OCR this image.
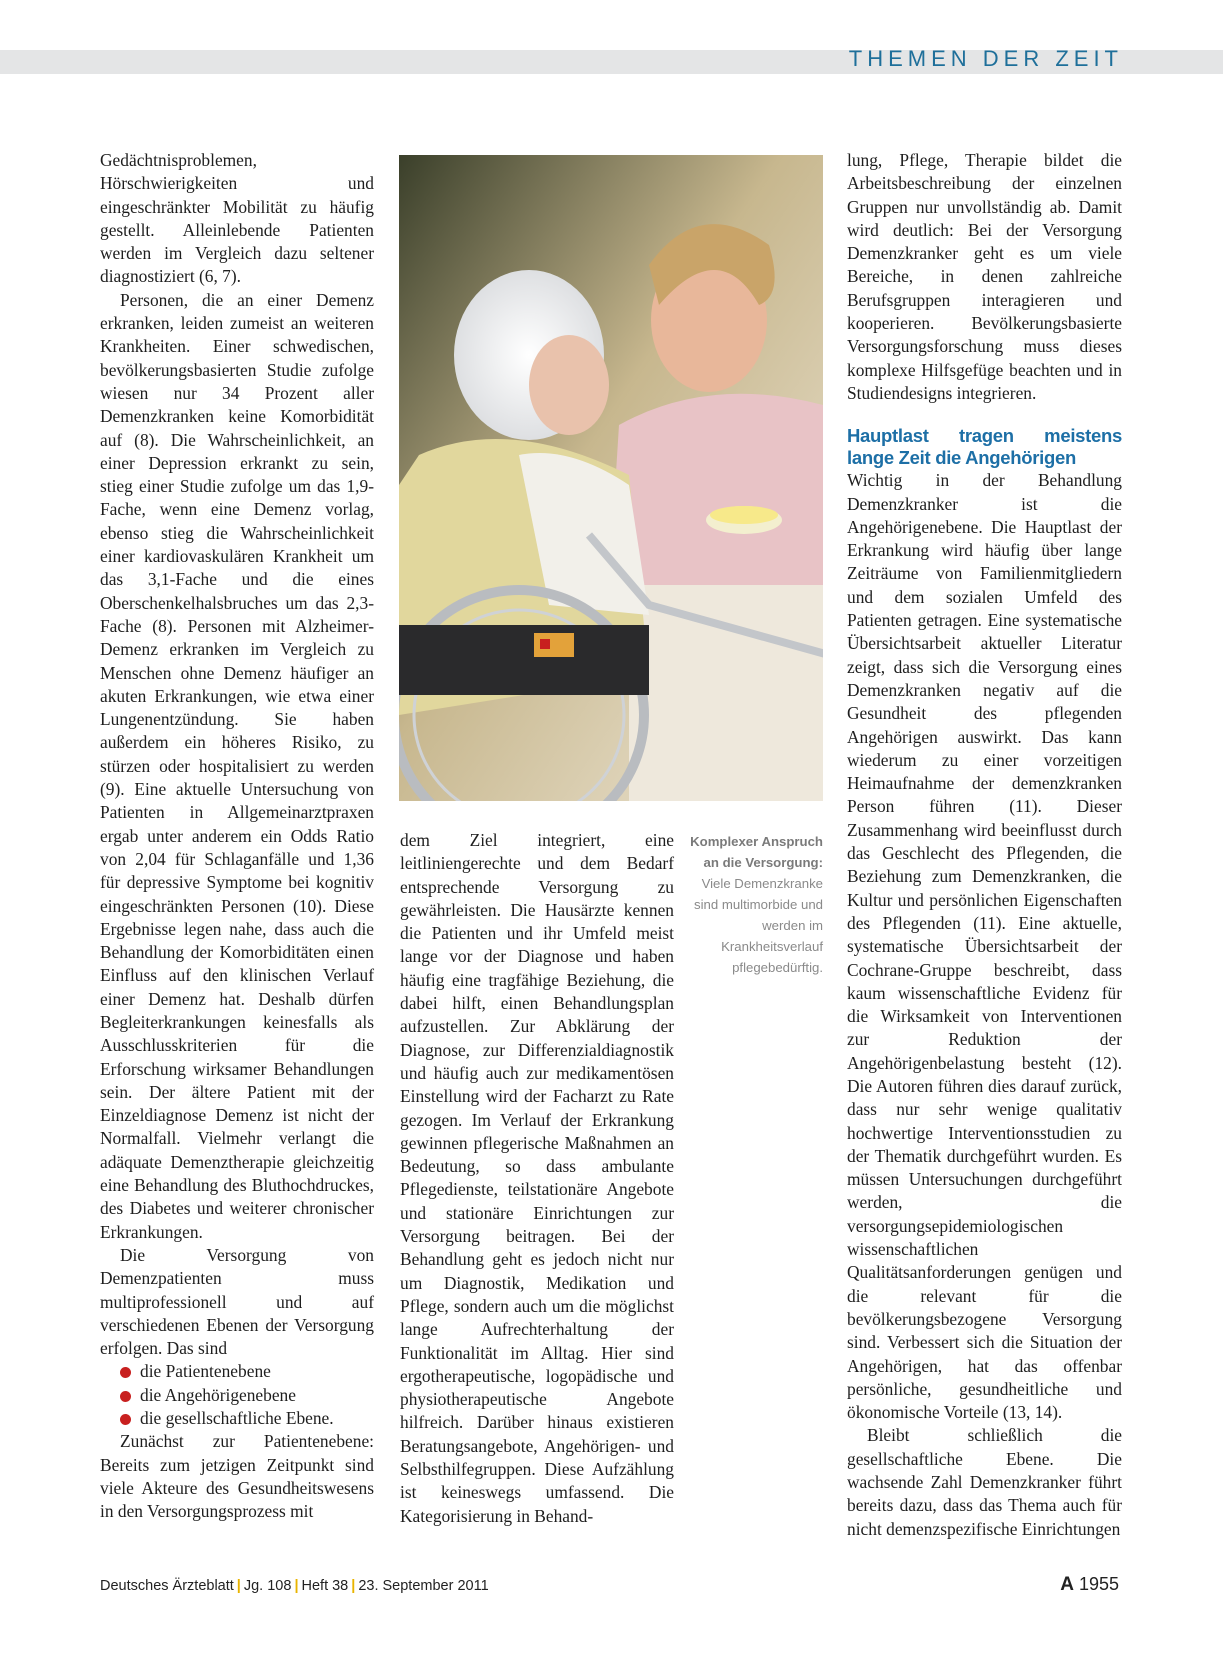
THEMEN DER ZEIT

Gedächtnisproblemen, Hörschwierigkeiten und eingeschränkter Mobilität zu häufig gestellt. Alleinlebende Patienten werden im Vergleich dazu seltener diagnostiziert (6, 7).

Personen, die an einer Demenz erkranken, leiden zumeist an weiteren Krankheiten. Einer schwedischen, bevölkerungsbasierten Studie zufolge wiesen nur 34 Prozent aller Demenzkranken keine Komorbidität auf (8). Die Wahrscheinlichkeit, an einer Depression erkrankt zu sein, stieg einer Studie zufolge um das 1,9-Fache, wenn eine Demenz vorlag, ebenso stieg die Wahrscheinlichkeit einer kardiovaskulären Krankheit um das 3,1-Fache und die eines Oberschenkelhalsbruches um das 2,3-Fache (8). Personen mit Alzheimer-Demenz erkranken im Vergleich zu Menschen ohne Demenz häufiger an akuten Erkrankungen, wie etwa einer Lungenentzündung. Sie haben außerdem ein höheres Risiko, zu stürzen oder hospitalisiert zu werden (9). Eine aktuelle Untersuchung von Patienten in Allgemeinarztpraxen ergab unter anderem ein Odds Ratio von 2,04 für Schlaganfälle und 1,36 für depressive Symptome bei kognitiv eingeschränkten Personen (10). Diese Ergebnisse legen nahe, dass auch die Behandlung der Komorbiditäten einen Einfluss auf den klinischen Verlauf einer Demenz hat. Deshalb dürfen Begleiterkrankungen keinesfalls als Ausschlusskriterien für die Erforschung wirksamer Behandlungen sein. Der ältere Patient mit der Einzeldiagnose Demenz ist nicht der Normalfall. Vielmehr verlangt die adäquate Demenztherapie gleichzeitig eine Behandlung des Bluthochdruckes, des Diabetes und weiterer chronischer Erkrankungen.

Die Versorgung von Demenzpatienten muss multiprofessionell und auf verschiedenen Ebenen der Versorgung erfolgen. Das sind

die Patientenebene
die Angehörigenebene
die gesellschaftliche Ebene.

Zunächst zur Patientenebene: Bereits zum jetzigen Zeitpunkt sind viele Akteure des Gesundheitswesens in den Versorgungsprozess mit

Komplexer Anspruch an die Versorgung: Viele Demenzkranke sind multimorbide und werden im Krankheitsverlauf pflegebedürftig.

dem Ziel integriert, eine leitliniengerechte und dem Bedarf entsprechende Versorgung zu gewährleisten. Die Hausärzte kennen die Patienten und ihr Umfeld meist lange vor der Diagnose und haben häufig eine tragfähige Beziehung, die dabei hilft, einen Behandlungsplan aufzustellen. Zur Abklärung der Diagnose, zur Differenzialdiagnostik und häufig auch zur medikamentösen Einstellung wird der Facharzt zu Rate gezogen. Im Verlauf der Erkrankung gewinnen pflegerische Maßnahmen an Bedeutung, so dass ambulante Pflegedienste, teilstationäre Angebote und stationäre Einrichtungen zur Versorgung beitragen. Bei der Behandlung geht es jedoch nicht nur um Diagnostik, Medikation und Pflege, sondern auch um die möglichst lange Aufrechterhaltung der Funktionalität im Alltag. Hier sind ergotherapeutische, logopädische und physiotherapeutische Angebote hilfreich. Darüber hinaus existieren Beratungsangebote, Angehörigen- und Selbsthilfegruppen. Diese Aufzählung ist keineswegs umfassend. Die Kategorisierung in Behand-

lung, Pflege, Therapie bildet die Arbeitsbeschreibung der einzelnen Gruppen nur unvollständig ab. Damit wird deutlich: Bei der Versorgung Demenzkranker geht es um viele Bereiche, in denen zahlreiche Berufsgruppen interagieren und kooperieren. Bevölkerungsbasierte Versorgungsforschung muss dieses komplexe Hilfsgefüge beachten und in Studiendesigns integrieren.

Hauptlast tragen meistens lange Zeit die Angehörigen

Wichtig in der Behandlung Demenzkranker ist die Angehörigenebene. Die Hauptlast der Erkrankung wird häufig über lange Zeiträume von Familienmitgliedern und dem sozialen Umfeld des Patienten getragen. Eine systematische Übersichtsarbeit aktueller Literatur zeigt, dass sich die Versorgung eines Demenzkranken negativ auf die Gesundheit des pflegenden Angehörigen auswirkt. Das kann wiederum zu einer vorzeitigen Heimaufnahme der demenzkranken Person führen (11). Dieser Zusammenhang wird beeinflusst durch das Geschlecht des Pflegenden, die Beziehung zum Demenzkranken, die Kultur und persönlichen Eigenschaften des Pflegenden (11). Eine aktuelle, systematische Übersichtsarbeit der Cochrane-Gruppe beschreibt, dass kaum wissenschaftliche Evidenz für die Wirksamkeit von Interventionen zur Reduktion der Angehörigenbelastung besteht (12). Die Autoren führen dies darauf zurück, dass nur sehr wenige qualitativ hochwertige Interventionsstudien zu der Thematik durchgeführt wurden. Es müssen Untersuchungen durchgeführt werden, die versorgungsepidemiologischen wissenschaftlichen Qualitätsanforderungen genügen und die relevant für die bevölkerungsbezogene Versorgung sind. Verbessert sich die Situation der Angehörigen, hat das offenbar persönliche, gesundheitliche und ökonomische Vorteile (13, 14).

Bleibt schließlich die gesellschaftliche Ebene. Die wachsende Zahl Demenzkranker führt bereits dazu, dass das Thema auch für nicht demenzspezifische Einrichtungen

Deutsches Ärzteblatt | Jg. 108 | Heft 38 | 23. September 2011	A 1955
